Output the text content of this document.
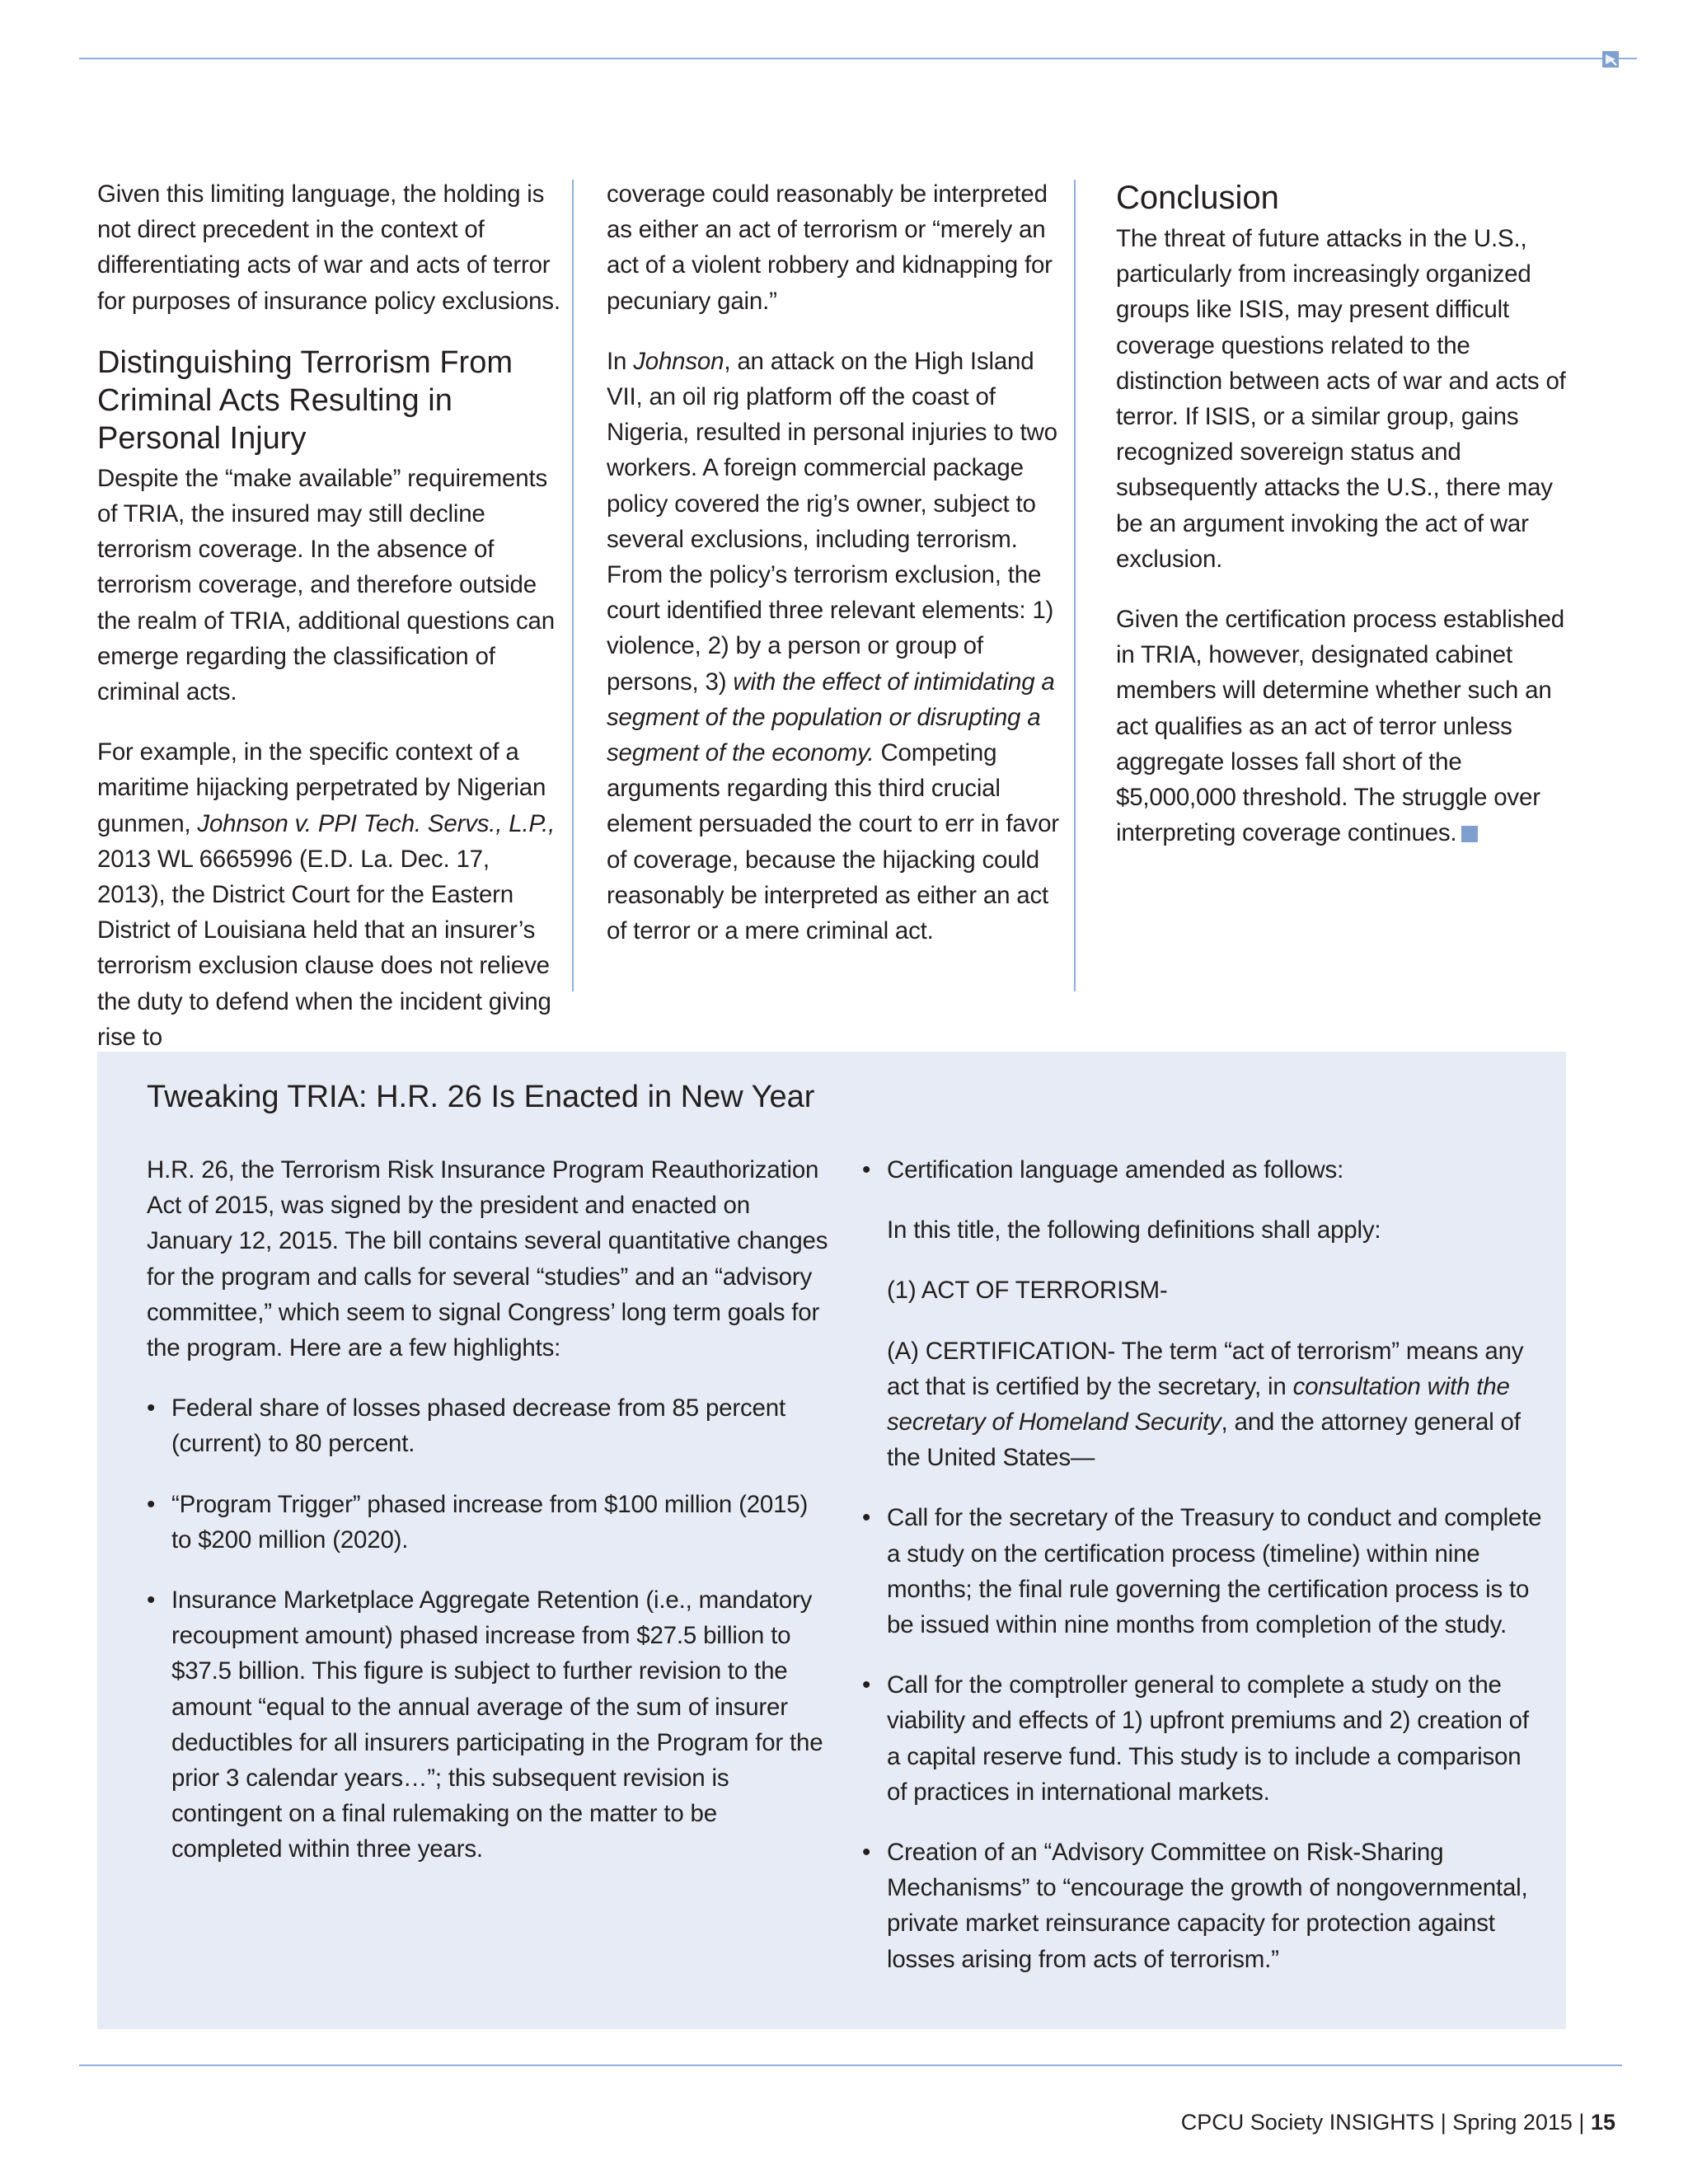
Given this limiting language, the holding is not direct precedent in the context of differentiating acts of war and acts of terror for purposes of insurance policy exclusions.

Distinguishing Terrorism From Criminal Acts Resulting in Personal Injury

Despite the “make available” requirements of TRIA, the insured may still decline terrorism coverage. In the absence of terrorism coverage, and therefore outside the realm of TRIA, additional questions can emerge regarding the classification of criminal acts.

For example, in the specific context of a maritime hijacking perpetrated by Nigerian gunmen, Johnson v. PPI Tech. Servs., L.P., 2013 WL 6665996 (E.D. La. Dec. 17, 2013), the District Court for the Eastern District of Louisiana held that an insurer’s terrorism exclusion clause does not relieve the duty to defend when the incident giving rise to

coverage could reasonably be interpreted as either an act of terrorism or “merely an act of a violent robbery and kidnapping for pecuniary gain.”

In Johnson, an attack on the High Island VII, an oil rig platform off the coast of Nigeria, resulted in personal injuries to two workers. A foreign commercial package policy covered the rig’s owner, subject to several exclusions, including terrorism. From the policy’s terrorism exclusion, the court identified three relevant elements: 1) violence, 2) by a person or group of persons, 3) with the effect of intimidating a segment of the population or disrupting a segment of the economy. Competing arguments regarding this third crucial element persuaded the court to err in favor of coverage, because the hijacking could reasonably be interpreted as either an act of terror or a mere criminal act.

Conclusion

The threat of future attacks in the U.S., particularly from increasingly organized groups like ISIS, may present difficult coverage questions related to the distinction between acts of war and acts of terror. If ISIS, or a similar group, gains recognized sovereign status and subsequently attacks the U.S., there may be an argument invoking the act of war exclusion.

Given the certification process established in TRIA, however, designated cabinet members will determine whether such an act qualifies as an act of terror unless aggregate losses fall short of the $5,000,000 threshold. The struggle over interpreting coverage continues.

Tweaking TRIA: H.R. 26 Is Enacted in New Year

H.R. 26, the Terrorism Risk Insurance Program Reauthorization Act of 2015, was signed by the president and enacted on January 12, 2015. The bill contains several quantitative changes for the program and calls for several “studies” and an “advisory committee,” which seem to signal Congress’ long term goals for the program. Here are a few highlights:

• Federal share of losses phased decrease from 85 percent (current) to 80 percent.
• “Program Trigger” phased increase from $100 million (2015) to $200 million (2020).
• Insurance Marketplace Aggregate Retention (i.e., mandatory recoupment amount) phased increase from $27.5 billion to $37.5 billion. This figure is subject to further revision to the amount “equal to the annual average of the sum of insurer deductibles for all insurers participating in the Program for the prior 3 calendar years…”; this subsequent revision is contingent on a final rulemaking on the matter to be completed within three years.
• Certification language amended as follows:

In this title, the following definitions shall apply:

(1) ACT OF TERRORISM-

(A) CERTIFICATION- The term “act of terrorism” means any act that is certified by the secretary, in consultation with the secretary of Homeland Security, and the attorney general of the United States—

• Call for the secretary of the Treasury to conduct and complete a study on the certification process (timeline) within nine months; the final rule governing the certification process is to be issued within nine months from completion of the study.
• Call for the comptroller general to complete a study on the viability and effects of 1) upfront premiums and 2) creation of a capital reserve fund. This study is to include a comparison of practices in international markets.
• Creation of an “Advisory Committee on Risk-Sharing Mechanisms” to “encourage the growth of nongovernmental, private market reinsurance capacity for protection against losses arising from acts of terrorism.”
CPCU Society INSIGHTS | Spring 2015 | 15
